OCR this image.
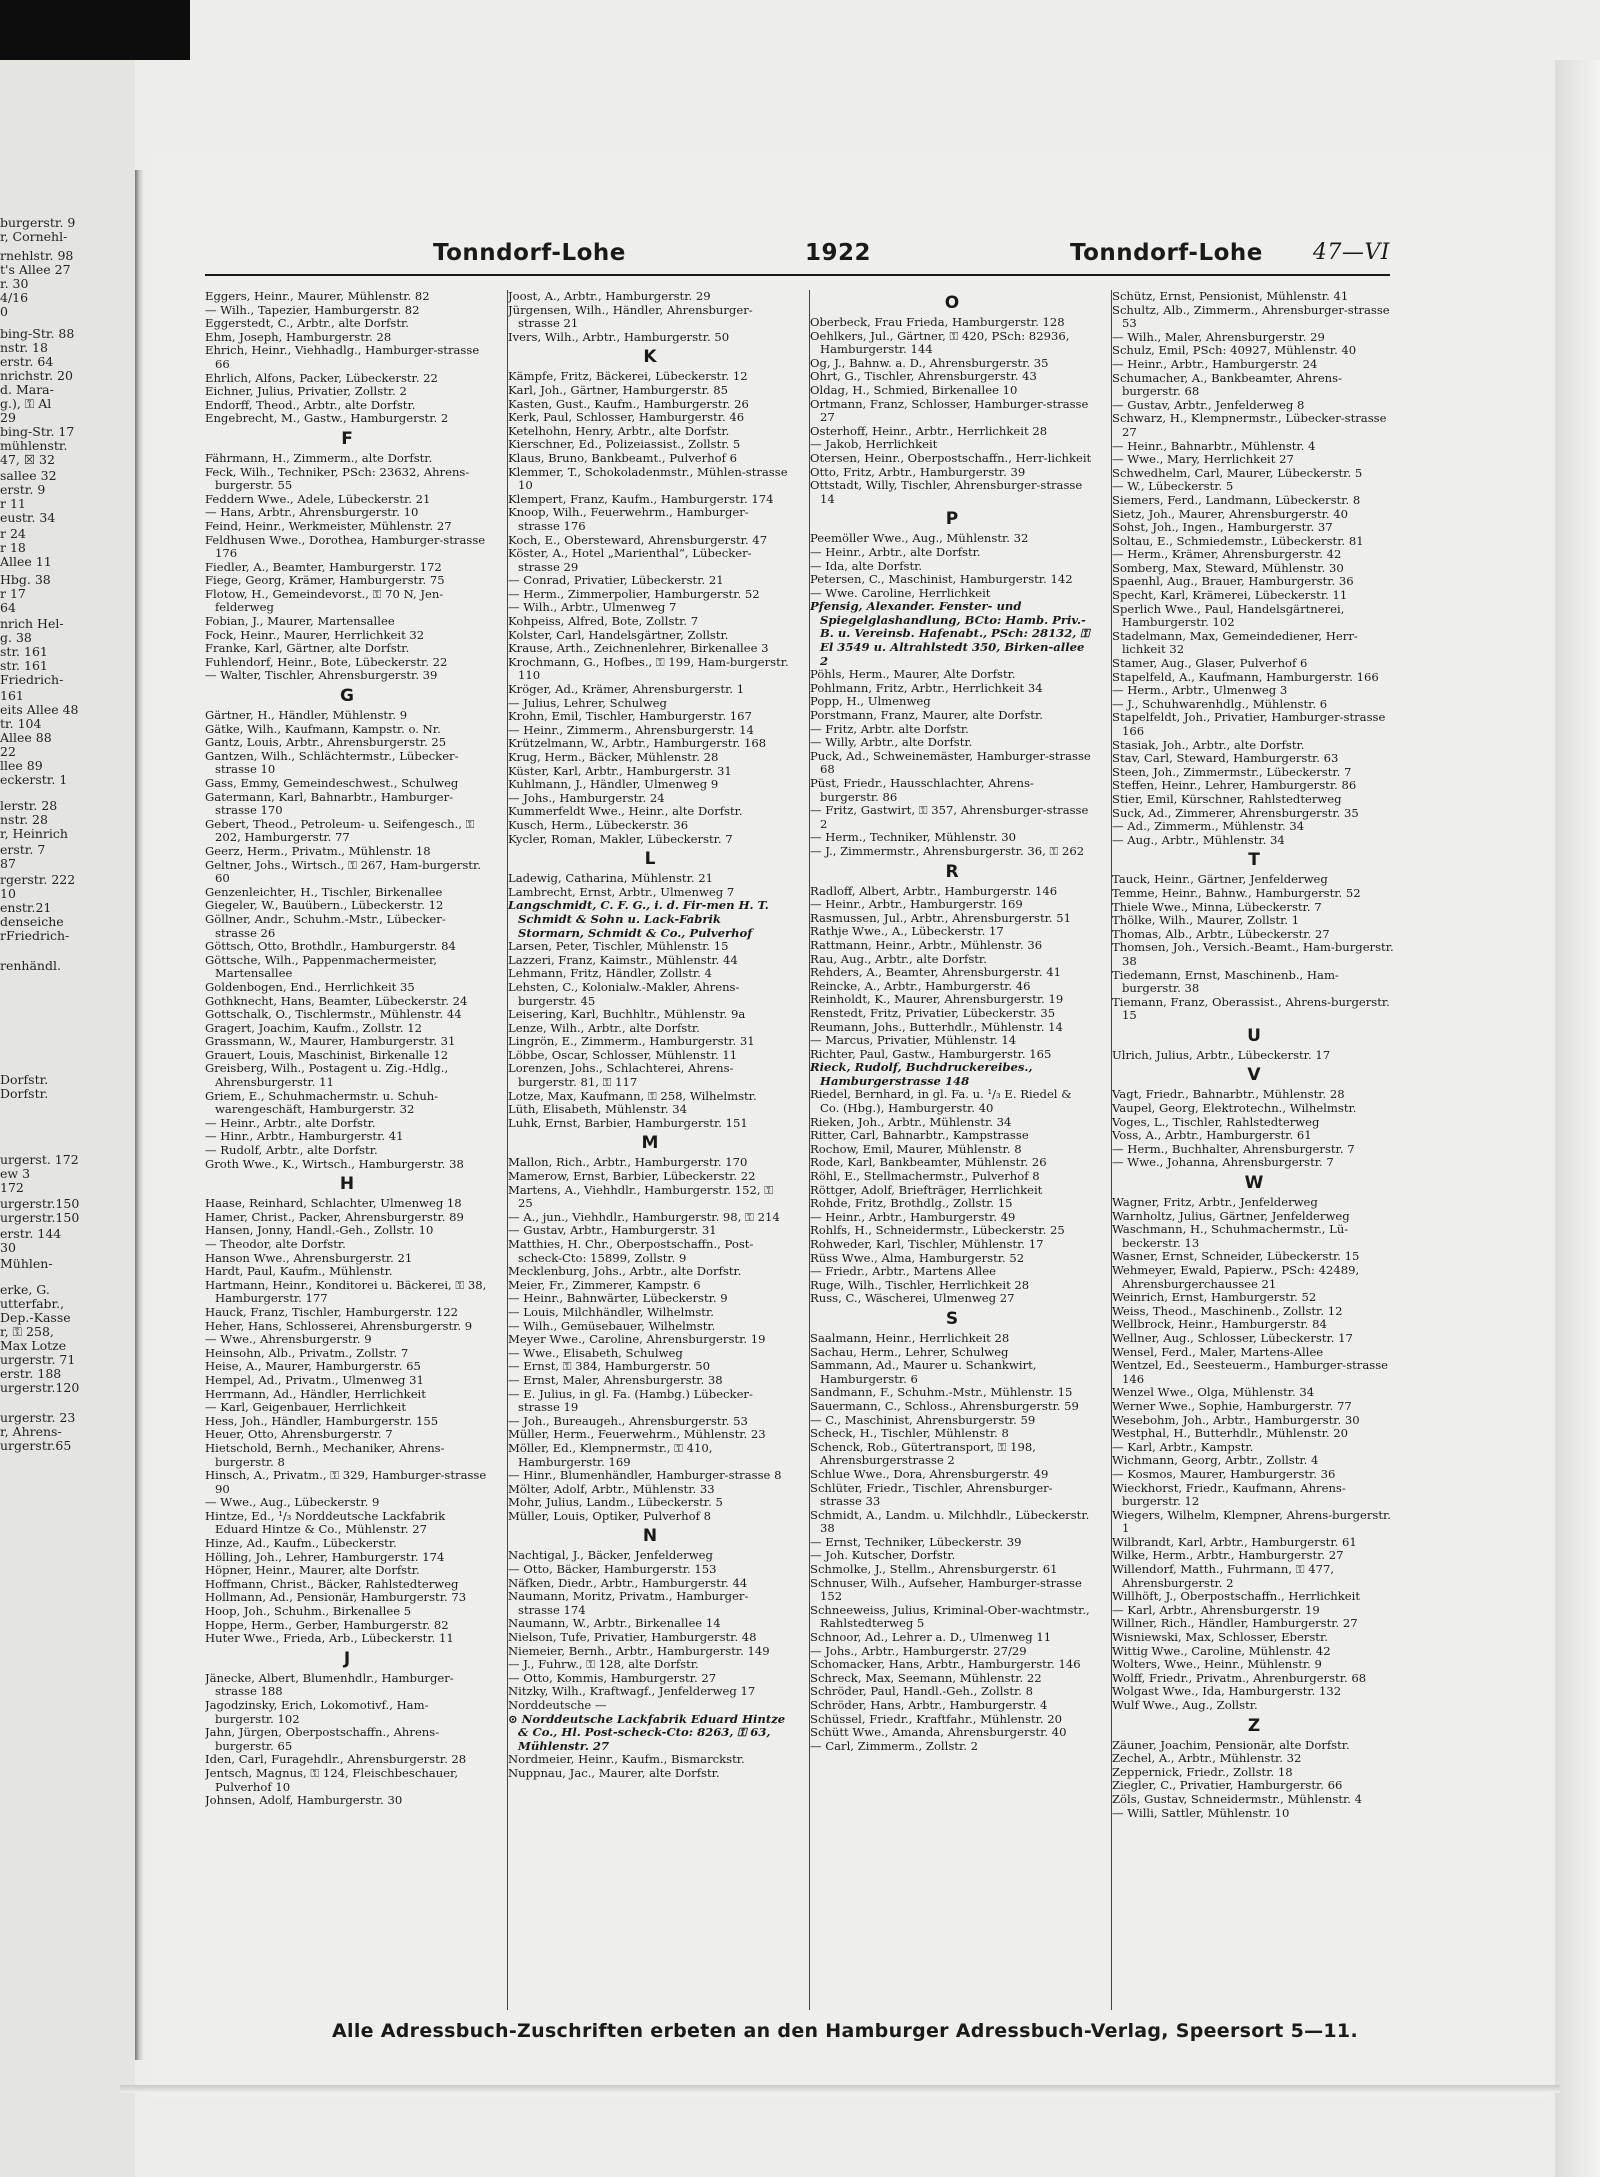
burgerstr. 9
r, Cornehl-
rnehlstr. 98
t's Allee 27
r. 30
4/16
0
bing-Str. 88
nstr. 18
erstr. 64
nrichstr. 20
d. Mara-
g.), ⚿ Al
29
bing-Str. 17
mühlenstr.
47, ☒ 32
sallee 32
erstr. 9
r 11
eustr. 34
r 24
r 18
Allee 11
Hbg. 38
r 17
64
nrich Hel-
g. 38
str. 161
str. 161
Friedrich-
161
eits Allee 48
tr. 104
Allee 88
22
llee 89
eckerstr. 1
lerstr. 28
nstr. 28
r, Heinrich
erstr. 7
87
rgerstr. 222
10
enstr.21
denseiche
rFriedrich-
renhändl.
Dorfstr.
Dorfstr.
urgerst. 172
ew 3
172
urgerstr.150
urgerstr.150
erstr. 144
30
Mühlen-
erke, G.
utterfabr.,
Dep.-Kasse
r, ⚿ 258,
Max Lotze
urgerstr. 71
erstr. 188
urgerstr.120
urgerstr. 23
r, Ahrens-
urgerstr.65
Tonndorf-Lohe	1922	Tonndorf-Lohe 47—VI
Eggers, Heinr., Maurer, Mühlenstr. 82
— Wilh., Tapezier, Hamburgerstr. 82
Eggerstedt, C., Arbtr., alte Dorfstr.
Ehm, Joseph, Hamburgerstr. 28
Ehrich, Heinr., Viehhadlg., Hamburger-strasse 66
Ehrlich, Alfons, Packer, Lübeckerstr. 22
Eichner, Julius, Privatier, Zollstr. 2
Endorff, Theod., Arbtr., alte Dorfstr.
Engebrecht, M., Gastw., Hamburgerstr. 2
F
Fährmann, H., Zimmerm., alte Dorfstr.
Feck, Wilh., Techniker, PSch: 23632, Ahrens-burgerstr. 55
Feddern Wwe., Adele, Lübeckerstr. 21
— Hans, Arbtr., Ahrensburgerstr. 10
Feind, Heinr., Werkmeister, Mühlenstr. 27
Feldhusen Wwe., Dorothea, Hamburger-strasse 176
Fiedler, A., Beamter, Hamburgerstr. 172
Fiege, Georg, Krämer, Hamburgerstr. 75
Flotow, H., Gemeindevorst., ⚿ 70 N, Jen-felderweg
Fobian, J., Maurer, Martensallee
Fock, Heinr., Maurer, Herrlichkeit 32
Franke, Karl, Gärtner, alte Dorfstr.
Fuhlendorf, Heinr., Bote, Lübeckerstr. 22
— Walter, Tischler, Ahrensburgerstr. 39
G
Gärtner, H., Händler, Mühlenstr. 9
Gätke, Wilh., Kaufmann, Kampstr. o. Nr.
Gantz, Louis, Arbtr., Ahrensburgerstr. 25
Gantzen, Wilh., Schlächtermstr., Lübecker-strasse 10
Gass, Emmy, Gemeindeschwest., Schulweg
Gatermann, Karl, Bahnarbtr., Hamburger-strasse 170
Gebert, Theod., Petroleum- u. Seifengesch., ⚿ 202, Hamburgerstr. 77
Geerz, Herm., Privatm., Mühlenstr. 18
Geltner, Johs., Wirtsch., ⚿ 267, Ham-burgerstr. 60
Genzenleichter, H., Tischler, Birkenallee
Giegeler, W., Bauübern., Lübeckerstr. 12
Göllner, Andr., Schuhm.-Mstr., Lübecker-strasse 26
Göttsch, Otto, Brothdlr., Hamburgerstr. 84
Göttsche, Wilh., Pappenmachermeister, Martensallee
Goldenbogen, End., Herrlichkeit 35
Gothknecht, Hans, Beamter, Lübeckerstr. 24
Gottschalk, O., Tischlermstr., Mühlenstr. 44
Gragert, Joachim, Kaufm., Zollstr. 12
Grassmann, W., Maurer, Hamburgerstr. 31
Grauert, Louis, Maschinist, Birkenalle 12
Greisberg, Wilh., Postagent u. Zig.-Hdlg., Ahrensburgerstr. 11
Griem, E., Schuhmachermstr. u. Schuh-warengeschäft, Hamburgerstr. 32
— Heinr., Arbtr., alte Dorfstr.
— Hinr., Arbtr., Hamburgerstr. 41
— Rudolf, Arbtr., alte Dorfstr.
Groth Wwe., K., Wirtsch., Hamburgerstr. 38
H
Haase, Reinhard, Schlachter, Ulmenweg 18
Hamer, Christ., Packer, Ahrensburgerstr. 89
Hansen, Jonny, Handl.-Geh., Zollstr. 10
— Theodor, alte Dorfstr.
Hanson Wwe., Ahrensburgerstr. 21
Hardt, Paul, Kaufm., Mühlenstr.
Hartmann, Heinr., Konditorei u. Bäckerei, ⚿ 38, Hamburgerstr. 177
Hauck, Franz, Tischler, Hamburgerstr. 122
Heher, Hans, Schlosserei, Ahrensburgerstr. 9
— Wwe., Ahrensburgerstr. 9
Heinsohn, Alb., Privatm., Zollstr. 7
Heise, A., Maurer, Hamburgerstr. 65
Hempel, Ad., Privatm., Ulmenweg 31
Herrmann, Ad., Händler, Herrlichkeit
— Karl, Geigenbauer, Herrlichkeit
Hess, Joh., Händler, Hamburgerstr. 155
Heuer, Otto, Ahrensburgerstr. 7
Hietschold, Bernh., Mechaniker, Ahrens-burgerstr. 8
Hinsch, A., Privatm., ⚿ 329, Hamburger-strasse 90
— Wwe., Aug., Lübeckerstr. 9
Hintze, Ed., ¹/₃ Norddeutsche Lackfabrik Eduard Hintze & Co., Mühlenstr. 27
Hinze, Ad., Kaufm., Lübeckerstr.
Hölling, Joh., Lehrer, Hamburgerstr. 174
Höpner, Heinr., Maurer, alte Dorfstr.
Hoffmann, Christ., Bäcker, Rahlstedterweg
Hollmann, Ad., Pensionär, Hamburgerstr. 73
Hoop, Joh., Schuhm., Birkenallee 5
Hoppe, Herm., Gerber, Hamburgerstr. 82
Huter Wwe., Frieda, Arb., Lübeckerstr. 11
J
Jänecke, Albert, Blumenhdlr., Hamburger-strasse 188
Jagodzinsky, Erich, Lokomotivf., Ham-burgerstr. 102
Jahn, Jürgen, Oberpostschaffn., Ahrens-burgerstr. 65
Iden, Carl, Furagehdlr., Ahrensburgerstr. 28
Jentsch, Magnus, ⚿ 124, Fleischbeschauer, Pulverhof 10
Johnsen, Adolf, Hamburgerstr. 30
Joost, A., Arbtr., Hamburgerstr. 29
Jürgensen, Wilh., Händler, Ahrensburger-strasse 21
Ivers, Wilh., Arbtr., Hamburgerstr. 50
K
Kämpfe, Fritz, Bäckerei, Lübeckerstr. 12
Karl, Joh., Gärtner, Hamburgerstr. 85
Kasten, Gust., Kaufm., Hamburgerstr. 26
Kerk, Paul, Schlosser, Hamburgerstr. 46
Ketelhohn, Henry, Arbtr., alte Dorfstr.
Kierschner, Ed., Polizeiassist., Zollstr. 5
Klaus, Bruno, Bankbeamt., Pulverhof 6
Klemmer, T., Schokoladenmstr., Mühlen-strasse 10
Klempert, Franz, Kaufm., Hamburgerstr. 174
Knoop, Wilh., Feuerwehrm., Hamburger-strasse 176
Koch, E., Obersteward, Ahrensburgerstr. 47
Köster, A., Hotel „Marienthal“, Lübecker-strasse 29
— Conrad, Privatier, Lübeckerstr. 21
— Herm., Zimmerpolier, Hamburgerstr. 52
— Wilh., Arbtr., Ulmenweg 7
Kohpeiss, Alfred, Bote, Zollstr. 7
Kolster, Carl, Handelsgärtner, Zollstr.
Krause, Arth., Zeichnenlehrer, Birkenallee 3
Krochmann, G., Hofbes., ⚿ 199, Ham-burgerstr. 110
Kröger, Ad., Krämer, Ahrensburgerstr. 1
— Julius, Lehrer, Schulweg
Krohn, Emil, Tischler, Hamburgerstr. 167
— Heinr., Zimmerm., Ahrensburgerstr. 14
Krützelmann, W., Arbtr., Hamburgerstr. 168
Krug, Herm., Bäcker, Mühlenstr. 28
Küster, Karl, Arbtr., Hamburgerstr. 31
Kuhlmann, J., Händler, Ulmenweg 9
— Johs., Hamburgerstr. 24
Kummerfeldt Wwe., Heinr., alte Dorfstr.
Kusch, Herm., Lübeckerstr. 36
Kycler, Roman, Makler, Lübeckerstr. 7
L
Ladewig, Catharina, Mühlenstr. 21
Lambrecht, Ernst, Arbtr., Ulmenweg 7
Langschmidt, C. F. G., i. d. Fir-men H. T. Schmidt & Sohn u. Lack-Fabrik Stormarn, Schmidt & Co., Pulverhof
Larsen, Peter, Tischler, Mühlenstr. 15
Lazzeri, Franz, Kaimstr., Mühlenstr. 44
Lehmann, Fritz, Händler, Zollstr. 4
Lehsten, C., Kolonialw.-Makler, Ahrens-burgerstr. 45
Leisering, Karl, Buchhltr., Mühlenstr. 9a
Lenze, Wilh., Arbtr., alte Dorfstr.
Lingrön, E., Zimmerm., Hamburgerstr. 31
Löbbe, Oscar, Schlosser, Mühlenstr. 11
Lorenzen, Johs., Schlachterei, Ahrens-burgerstr. 81, ⚿ 117
Lotze, Max, Kaufmann, ⚿ 258, Wilhelmstr.
Lüth, Elisabeth, Mühlenstr. 34
Luhk, Ernst, Barbier, Hamburgerstr. 151
M
Mallon, Rich., Arbtr., Hamburgerstr. 170
Mamerow, Ernst, Barbier, Lübeckerstr. 22
Martens, A., Viehhdlr., Hamburgerstr. 152, ⚿ 25
— A., jun., Viehhdlr., Hamburgerstr. 98, ⚿ 214
— Gustav, Arbtr., Hamburgerstr. 31
Matthies, H. Chr., Oberpostschaffn., Post-scheck-Cto: 15899, Zollstr. 9
Mecklenburg, Johs., Arbtr., alte Dorfstr.
Meier, Fr., Zimmerer, Kampstr. 6
— Heinr., Bahnwärter, Lübeckerstr. 9
— Louis, Milchhändler, Wilhelmstr.
— Wilh., Gemüsebauer, Wilhelmstr.
Meyer Wwe., Caroline, Ahrensburgerstr. 19
— Wwe., Elisabeth, Schulweg
— Ernst, ⚿ 384, Hamburgerstr. 50
— Ernst, Maler, Ahrensburgerstr. 38
— E. Julius, in gl. Fa. (Hambg.) Lübecker-strasse 19
— Joh., Bureaugeh., Ahrensburgerstr. 53
Müller, Herm., Feuerwehrm., Mühlenstr. 23
Möller, Ed., Klempnermstr., ⚿ 410, Hamburgerstr. 169
— Hinr., Blumenhändler, Hamburger-strasse 8
Mölter, Adolf, Arbtr., Mühlenstr. 33
Mohr, Julius, Landm., Lübeckerstr. 5
Müller, Louis, Optiker, Pulverhof 8
N
Nachtigal, J., Bäcker, Jenfelderweg
— Otto, Bäcker, Hamburgerstr. 153
Näfken, Diedr., Arbtr., Hamburgerstr. 44
Naumann, Moritz, Privatm., Hamburger-strasse 174
Naumann, W., Arbtr., Birkenallee 14
Nielson, Tufe, Privatier, Hamburgerstr. 48
Niemeier, Bernh., Arbtr., Hamburgerstr. 149
— J., Fuhrw., ⚿ 128, alte Dorfstr.
— Otto, Kommis, Hamburgerstr. 27
Nitzky, Wilh., Kraftwagf., Jenfelderweg 17
Norddeutsche —
⊙ Norddeutsche Lackfabrik Eduard Hintze & Co., Hl. Post-scheck-Cto: 8263, ⚿ 63, Mühlenstr. 27
Nordmeier, Heinr., Kaufm., Bismarckstr.
Nuppnau, Jac., Maurer, alte Dorfstr.
O
Oberbeck, Frau Frieda, Hamburgerstr. 128
Oehlkers, Jul., Gärtner, ⚿ 420, PSch: 82936, Hamburgerstr. 144
Og, J., Bahnw. a. D., Ahrensburgerstr. 35
Ohrt, G., Tischler, Ahrensburgerstr. 43
Oldag, H., Schmied, Birkenallee 10
Ortmann, Franz, Schlosser, Hamburger-strasse 27
Osterhoff, Heinr., Arbtr., Herrlichkeit 28
— Jakob, Herrlichkeit
Otersen, Heinr., Oberpostschaffn., Herr-lichkeit
Otto, Fritz, Arbtr., Hamburgerstr. 39
Ottstadt, Willy, Tischler, Ahrensburger-strasse 14
P
Peemöller Wwe., Aug., Mühlenstr. 32
— Heinr., Arbtr., alte Dorfstr.
— Ida, alte Dorfstr.
Petersen, C., Maschinist, Hamburgerstr. 142
— Wwe. Caroline, Herrlichkeit
Pfensig, Alexander. Fenster- und Spiegelglashandlung, BCto: Hamb. Priv.-B. u. Vereinsb. Hafenabt., PSch: 28132, ⚿ El 3549 u. Altrahlstedt 350, Birken-allee 2
Pöhls, Herm., Maurer, Alte Dorfstr.
Pohlmann, Fritz, Arbtr., Herrlichkeit 34
Popp, H., Ulmenweg
Porstmann, Franz, Maurer, alte Dorfstr.
— Fritz, Arbtr. alte Dorfstr.
— Willy, Arbtr., alte Dorfstr.
Puck, Ad., Schweinemäster, Hamburger-strasse 68
Püst, Friedr., Hausschlachter, Ahrens-burgerstr. 86
— Fritz, Gastwirt, ⚿ 357, Ahrensburger-strasse 2
— Herm., Techniker, Mühlenstr. 30
— J., Zimmermstr., Ahrensburgerstr. 36, ⚿ 262
R
Radloff, Albert, Arbtr., Hamburgerstr. 146
— Heinr., Arbtr., Hamburgerstr. 169
Rasmussen, Jul., Arbtr., Ahrensburgerstr. 51
Rathje Wwe., A., Lübeckerstr. 17
Rattmann, Heinr., Arbtr., Mühlenstr. 36
Rau, Aug., Arbtr., alte Dorfstr.
Rehders, A., Beamter, Ahrensburgerstr. 41
Reincke, A., Arbtr., Hamburgerstr. 46
Reinholdt, K., Maurer, Ahrensburgerstr. 19
Renstedt, Fritz, Privatier, Lübeckerstr. 35
Reumann, Johs., Butterhdlr., Mühlenstr. 14
— Marcus, Privatier, Mühlenstr. 14
Richter, Paul, Gastw., Hamburgerstr. 165
Rieck, Rudolf, Buchdruckereibes., Hamburgerstrasse 148
Riedel, Bernhard, in gl. Fa. u. ¹/₃ E. Riedel & Co. (Hbg.), Hamburgerstr. 40
Rieken, Joh., Arbtr., Mühlenstr. 34
Ritter, Carl, Bahnarbtr., Kampstrasse
Rochow, Emil, Maurer, Mühlenstr. 8
Rode, Karl, Bankbeamter, Mühlenstr. 26
Röhl, E., Stellmachermstr., Pulverhof 8
Röttger, Adolf, Briefträger, Herrlichkeit
Rohde, Fritz, Brothdlg., Zollstr. 15
— Heinr., Arbtr., Hamburgerstr. 49
Rohlfs, H., Schneidermstr., Lübeckerstr. 25
Rohweder, Karl, Tischler, Mühlenstr. 17
Rüss Wwe., Alma, Hamburgerstr. 52
— Friedr., Arbtr., Martens Allee
Ruge, Wilh., Tischler, Herrlichkeit 28
Russ, C., Wäscherei, Ulmenweg 27
S
Saalmann, Heinr., Herrlichkeit 28
Sachau, Herm., Lehrer, Schulweg
Sammann, Ad., Maurer u. Schankwirt, Hamburgerstr. 6
Sandmann, F., Schuhm.-Mstr., Mühlenstr. 15
Sauermann, C., Schloss., Ahrensburgerstr. 59
— C., Maschinist, Ahrensburgerstr. 59
Scheck, H., Tischler, Mühlenstr. 8
Schenck, Rob., Gütertransport, ⚿ 198, Ahrensburgerstrasse 2
Schlue Wwe., Dora, Ahrensburgerstr. 49
Schlüter, Friedr., Tischler, Ahrensburger-strasse 33
Schmidt, A., Landm. u. Milchhdlr., Lübeckerstr. 38
— Ernst, Techniker, Lübeckerstr. 39
— Joh. Kutscher, Dorfstr.
Schmolke, J., Stellm., Ahrensburgerstr. 61
Schnuser, Wilh., Aufseher, Hamburger-strasse 152
Schneeweiss, Julius, Kriminal-Ober-wachtmstr., Rahlstedterweg 5
Schnoor, Ad., Lehrer a. D., Ulmenweg 11
— Johs., Arbtr., Hamburgerstr. 27/29
Schomacker, Hans, Arbtr., Hamburgerstr. 146
Schreck, Max, Seemann, Mühlenstr. 22
Schröder, Paul, Handl.-Geh., Zollstr. 8
Schröder, Hans, Arbtr., Hamburgerstr. 4
Schüssel, Friedr., Kraftfahr., Mühlenstr. 20
Schütt Wwe., Amanda, Ahrensburgerstr. 40
— Carl, Zimmerm., Zollstr. 2
Schütz, Ernst, Pensionist, Mühlenstr. 41
Schultz, Alb., Zimmerm., Ahrensburger-strasse 53
— Wilh., Maler, Ahrensburgerstr. 29
Schulz, Emil, PSch: 40927, Mühlenstr. 40
— Heinr., Arbtr., Hamburgerstr. 24
Schumacher, A., Bankbeamter, Ahrens-burgerstr. 68
— Gustav, Arbtr., Jenfelderweg 8
Schwarz, H., Klempnermstr., Lübecker-strasse 27
— Heinr., Bahnarbtr., Mühlenstr. 4
— Wwe., Mary, Herrlichkeit 27
Schwedhelm, Carl, Maurer, Lübeckerstr. 5
— W., Lübeckerstr. 5
Siemers, Ferd., Landmann, Lübeckerstr. 8
Sietz, Joh., Maurer, Ahrensburgerstr. 40
Sohst, Joh., Ingen., Hamburgerstr. 37
Soltau, E., Schmiedemstr., Lübeckerstr. 81
— Herm., Krämer, Ahrensburgerstr. 42
Somberg, Max, Steward, Mühlenstr. 30
Spaenhl, Aug., Brauer, Hamburgerstr. 36
Specht, Karl, Krämerei, Lübeckerstr. 11
Sperlich Wwe., Paul, Handelsgärtnerei, Hamburgerstr. 102
Stadelmann, Max, Gemeindediener, Herr-lichkeit 32
Stamer, Aug., Glaser, Pulverhof 6
Stapelfeld, A., Kaufmann, Hamburgerstr. 166
— Herm., Arbtr., Ulmenweg 3
— J., Schuhwarenhdlg., Mühlenstr. 6
Stapelfeldt, Joh., Privatier, Hamburger-strasse 166
Stasiak, Joh., Arbtr., alte Dorfstr.
Stav, Carl, Steward, Hamburgerstr. 63
Steen, Joh., Zimmermstr., Lübeckerstr. 7
Steffen, Heinr., Lehrer, Hamburgerstr. 86
Stier, Emil, Kürschner, Rahlstedterweg
Suck, Ad., Zimmerer, Ahrensburgerstr. 35
— Ad., Zimmerm., Mühlenstr. 34
— Aug., Arbtr., Mühlenstr. 34
T
Tauck, Heinr., Gärtner, Jenfelderweg
Temme, Heinr., Bahnw., Hamburgerstr. 52
Thiele Wwe., Minna, Lübeckerstr. 7
Thölke, Wilh., Maurer, Zollstr. 1
Thomas, Alb., Arbtr., Lübeckerstr. 27
Thomsen, Joh., Versich.-Beamt., Ham-burgerstr. 38
Tiedemann, Ernst, Maschinenb., Ham-burgerstr. 38
Tiemann, Franz, Oberassist., Ahrens-burgerstr. 15
U
Ulrich, Julius, Arbtr., Lübeckerstr. 17
V
Vagt, Friedr., Bahnarbtr., Mühlenstr. 28
Vaupel, Georg, Elektrotechn., Wilhelmstr.
Voges, L., Tischler, Rahlstedterweg
Voss, A., Arbtr., Hamburgerstr. 61
— Herm., Buchhalter, Ahrensburgerstr. 7
— Wwe., Johanna, Ahrensburgerstr. 7
W
Wagner, Fritz, Arbtr., Jenfelderweg
Warnholtz, Julius, Gärtner, Jenfelderweg
Waschmann, H., Schuhmachermstr., Lü-beckerstr. 13
Wasner, Ernst, Schneider, Lübeckerstr. 15
Wehmeyer, Ewald, Papierw., PSch: 42489, Ahrensburgerchaussee 21
Weinrich, Ernst, Hamburgerstr. 52
Weiss, Theod., Maschinenb., Zollstr. 12
Wellbrock, Heinr., Hamburgerstr. 84
Wellner, Aug., Schlosser, Lübeckerstr. 17
Wensel, Ferd., Maler, Martens-Allee
Wentzel, Ed., Seesteuerm., Hamburger-strasse 146
Wenzel Wwe., Olga, Mühlenstr. 34
Werner Wwe., Sophie, Hamburgerstr. 77
Wesebohm, Joh., Arbtr., Hamburgerstr. 30
Westphal, H., Butterhdlr., Mühlenstr. 20
— Karl, Arbtr., Kampstr.
Wichmann, Georg, Arbtr., Zollstr. 4
— Kosmos, Maurer, Hamburgerstr. 36
Wieckhorst, Friedr., Kaufmann, Ahrens-burgerstr. 12
Wiegers, Wilhelm, Klempner, Ahrens-burgerstr. 1
Wilbrandt, Karl, Arbtr., Hamburgerstr. 61
Wilke, Herm., Arbtr., Hamburgerstr. 27
Willendorf, Matth., Fuhrmann, ⚿ 477, Ahrensburgerstr. 2
Willhöft, J., Oberpostschaffn., Herrlichkeit
— Karl, Arbtr., Ahrensburgerstr. 19
Willner, Rich., Händler, Hamburgerstr. 27
Wisniewski, Max, Schlosser, Eberstr.
Wittig Wwe., Caroline, Mühlenstr. 42
Wolters, Wwe., Heinr., Mühlenstr. 9
Wolff, Friedr., Privatm., Ahrenburgerstr. 68
Wolgast Wwe., Ida, Hamburgerstr. 132
Wulf Wwe., Aug., Zollstr.
Z
Zäuner, Joachim, Pensionär, alte Dorfstr.
Zechel, A., Arbtr., Mühlenstr. 32
Zeppernick, Friedr., Zollstr. 18
Ziegler, C., Privatier, Hamburgerstr. 66
Zöls, Gustav, Schneidermstr., Mühlenstr. 4
— Willi, Sattler, Mühlenstr. 10
Alle Adressbuch-Zuschriften erbeten an den Hamburger Adressbuch-Verlag, Speersort 5—11.
